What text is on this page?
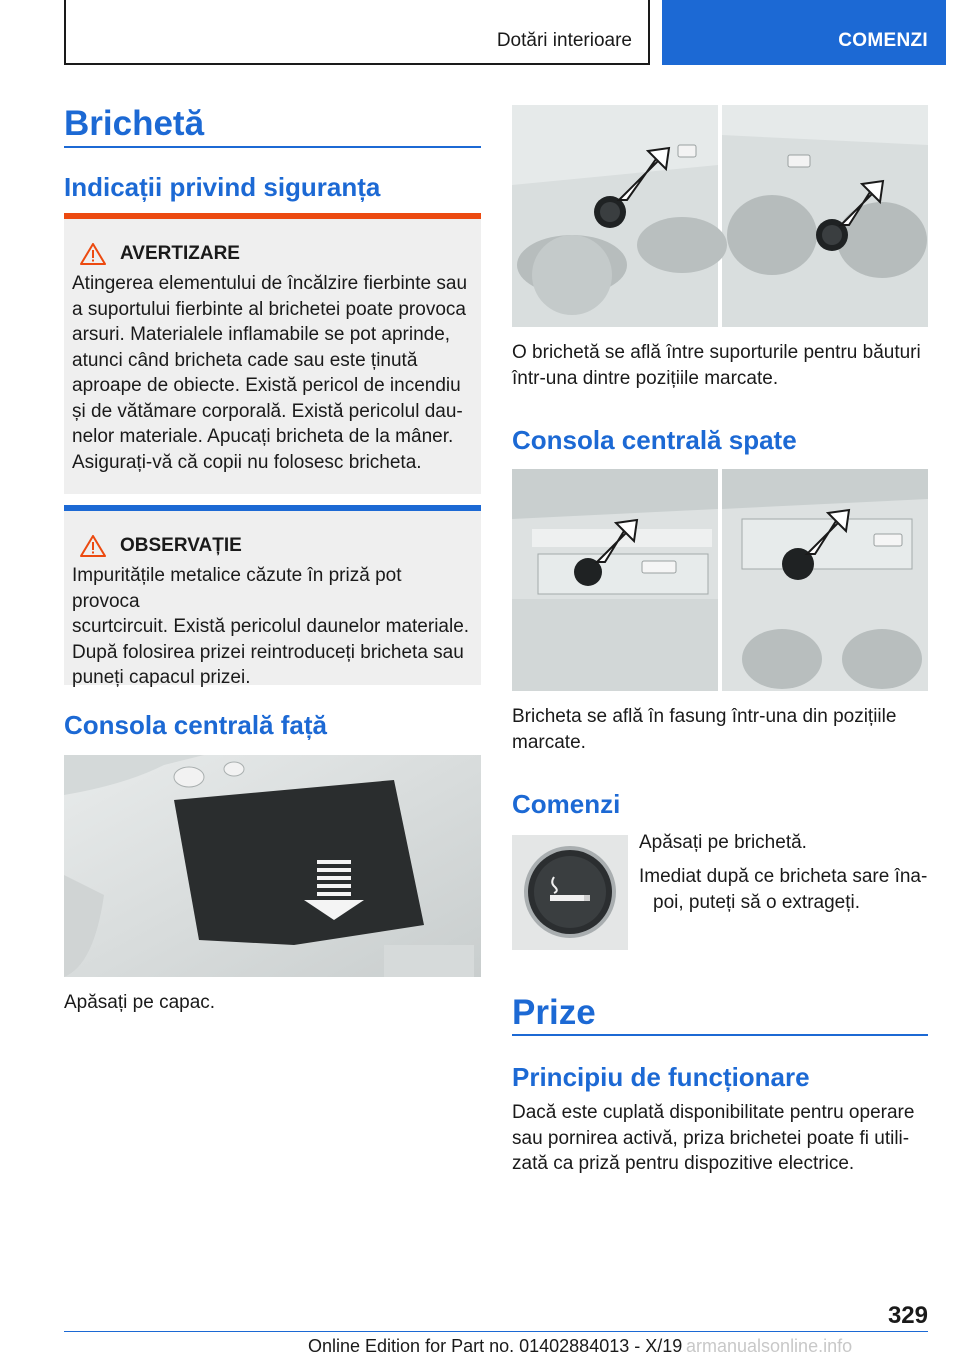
Dotări interioare	COMENZI
Brichetă
Indicații privind siguranța
AVERTIZARE
Atingerea elementului de încălzire fierbinte sau
a suportului fierbinte al brichetei poate provoca
arsuri. Materialele inflamabile se pot aprinde,
atunci când bricheta cade sau este ținută
aproape de obiecte. Există pericol de incendiu
și de vătămare corporală. Există pericolul dau-
nelor materiale. Apucați bricheta de la mâner.
Asigurați-vă că copii nu folosesc bricheta.
OBSERVAȚIE
Impuritățile metalice căzute în priză pot provoca
scurtcircuit. Există pericolul daunelor materiale.
După folosirea prizei reintroduceți bricheta sau
puneți capacul prizei.
Consola centrală față
Apăsați pe capac.
O brichetă se află între suporturile pentru băuturi
într-una dintre pozițiile marcate.
Consola centrală spate
Bricheta se află în fasung într-una din pozițiile
marcate.
Comenzi
Apăsați pe brichetă.
Imediat după ce bricheta sare îna-
poi, puteți să o extrageți.
Prize
Principiu de funcționare
Dacă este cuplată disponibilitate pentru operare
sau pornirea activă, priza brichetei poate fi utili-
zată ca priză pentru dispozitive electrice.
329
Online Edition for Part no. 01402884013 - X/19 armanualsonline.info
